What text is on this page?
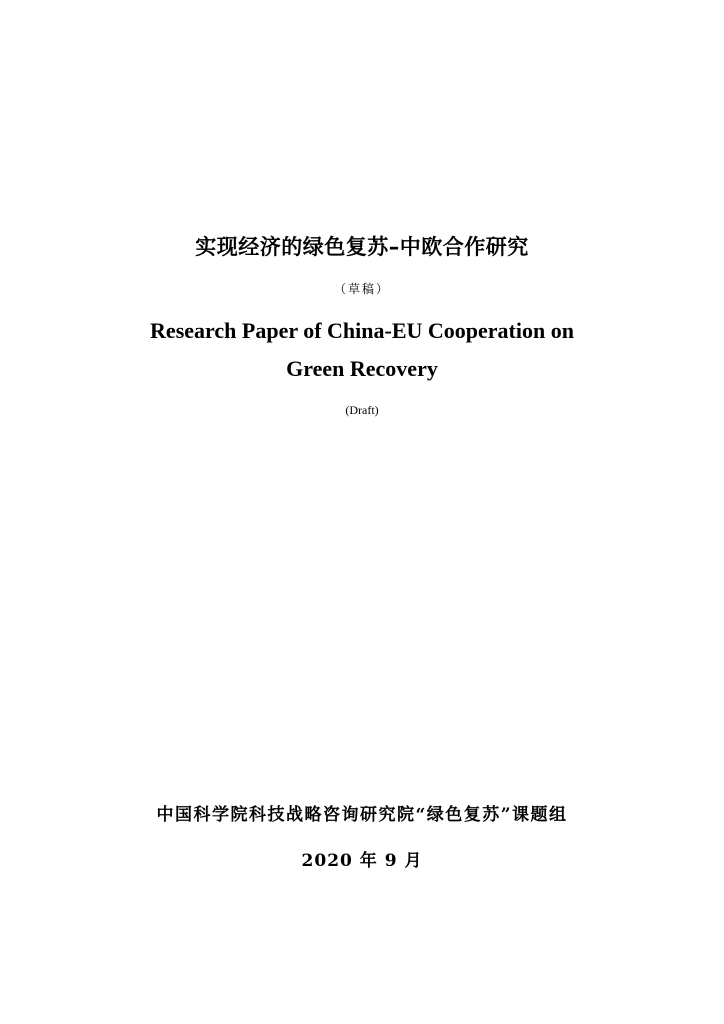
实现经济的绿色复苏–中欧合作研究
（草稿）
Research Paper of China-EU Cooperation on
Green Recovery
(Draft)
中国科学院科技战略咨询研究院“绿色复苏”课题组
2020 年 9 月
